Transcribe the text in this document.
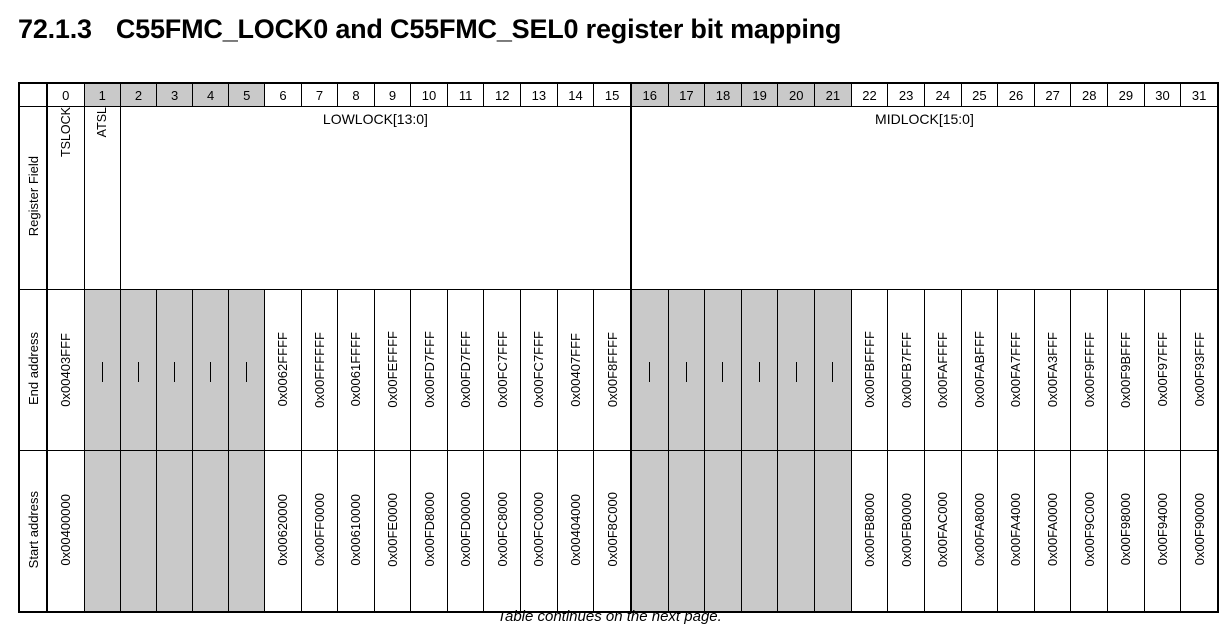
72.1.3 C55FMC_LOCK0 and C55FMC_SEL0 register bit mapping
	0	1	2	3	4	5	6	7	8	9	10	11	12	13	14	15	16	17	18	19	20	21	22	23	24	25	26	27	28	29	30	31
Register Field	TSLOCK	ATSL	LOWLOCK[13:0]														MIDLOCK[15:0]															

End address	0x00403FFF						0x0062FFFF	0x00FFFFFF	0x0061FFFF	0x00FEFFFF	0x00FD7FFF	0x00FD7FFF	0x00FC7FFF	0x00FC7FFF	0x00407FFF	0x00F8FFFF							0x00FBFFFF	0x00FB7FFF	0x00FAFFFF	0x00FABFFF	0x00FA7FFF	0x00FA3FFF	0x00F9FFFF	0x00F9BFFF	0x00F97FFF	0x00F93FFF
Start address	0x00400000						0x00620000	0x00FF0000	0x00610000	0x00FE0000	0x00FD8000	0x00FD0000	0x00FC8000	0x00FC0000	0x00404000	0x00F8C000							0x00FB8000	0x00FB0000	0x00FAC000	0x00FA8000	0x00FA4000	0x00FA0000	0x00F9C000	0x00F98000	0x00F94000	0x00F90000
Table continues on the next page.
